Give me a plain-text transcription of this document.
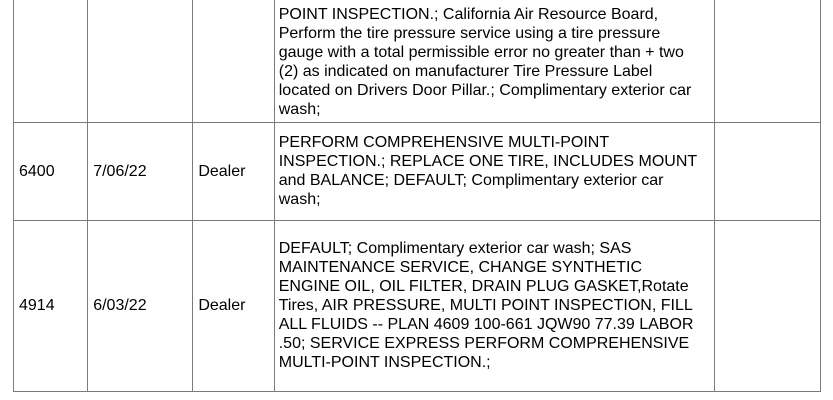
			POINT INSPECTION.; California Air Resource Board, Perform the tire pressure service using a tire pressure gauge with a total permissible error no greater than + two (2) as indicated on manufacturer Tire Pressure Label located on Drivers Door Pillar.; Complimentary exterior car wash;	
6400	7/06/22	Dealer	PERFORM COMPREHENSIVE MULTI-POINT INSPECTION.; REPLACE ONE TIRE, INCLUDES MOUNT and BALANCE; DEFAULT; Complimentary exterior car wash;	
4914	6/03/22	Dealer	DEFAULT; Complimentary exterior car wash; SAS MAINTENANCE SERVICE, CHANGE SYNTHETIC ENGINE OIL, OIL FILTER, DRAIN PLUG GASKET,Rotate Tires, AIR PRESSURE, MULTI POINT INSPECTION, FILL ALL FLUIDS -- PLAN 4609 100-661 JQW90 77.39 LABOR .50; SERVICE EXPRESS PERFORM COMPREHENSIVE MULTI-POINT INSPECTION.;	
